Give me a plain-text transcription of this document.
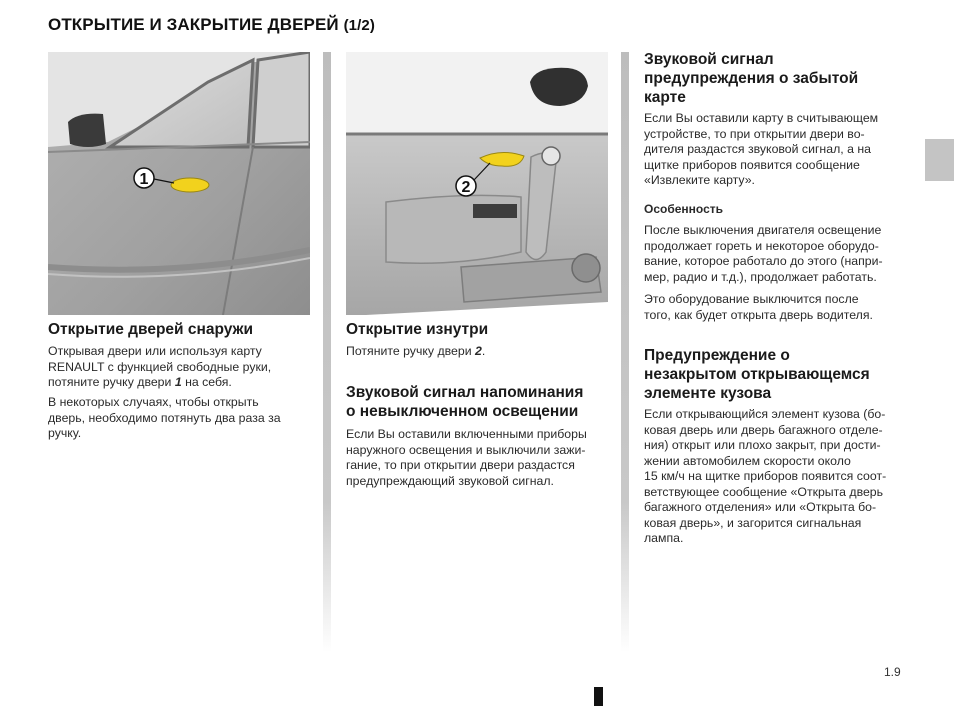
ОТКРЫТИЕ И ЗАКРЫТИЕ ДВЕРЕЙ (1/2)
1	2
Открытие дверей снаружи

Открывая двери или используя карту
RENAULT с функцией свободные руки,
потяните ручку двери 1 на себя.

В некоторых случаях, чтобы открыть
дверь, необходимо потянуть два раза за
ручку.

Открытие изнутри

Потяните ручку двери 2.

Звуковой сигнал напоминания
о невыключенном освещении

Если Вы оставили включенными приборы
наружного освещения и выключили зажи-
гание, то при открытии двери раздастся
предупреждающий звуковой сигнал.

Звуковой сигнал
предупреждения о забытой
карте

Если Вы оставили карту в считывающем
устройстве, то при открытии двери во-
дителя раздастся звуковой сигнал, а на
щитке приборов появится сообщение
«Извлеките карту».

Особенность

После выключения двигателя освещение
продолжает гореть и некоторое оборудо-
вание, которое работало до этого (напри-
мер, радио и т.д.), продолжает работать.

Это оборудование выключится после
того, как будет открыта дверь водителя.

Предупреждение о
незакрытом открывающемся
элементе кузова

Если открывающийся элемент кузова (бо-
ковая дверь или дверь багажного отделе-
ния) открыт или плохо закрыт, при дости-
жении автомобилем скорости около
15 км/ч на щитке приборов появится соот-
ветствующее сообщение «Открыта дверь
багажного отделения» или «Открыта бо-
ковая дверь», и загорится сигнальная
лампа.

1.9
